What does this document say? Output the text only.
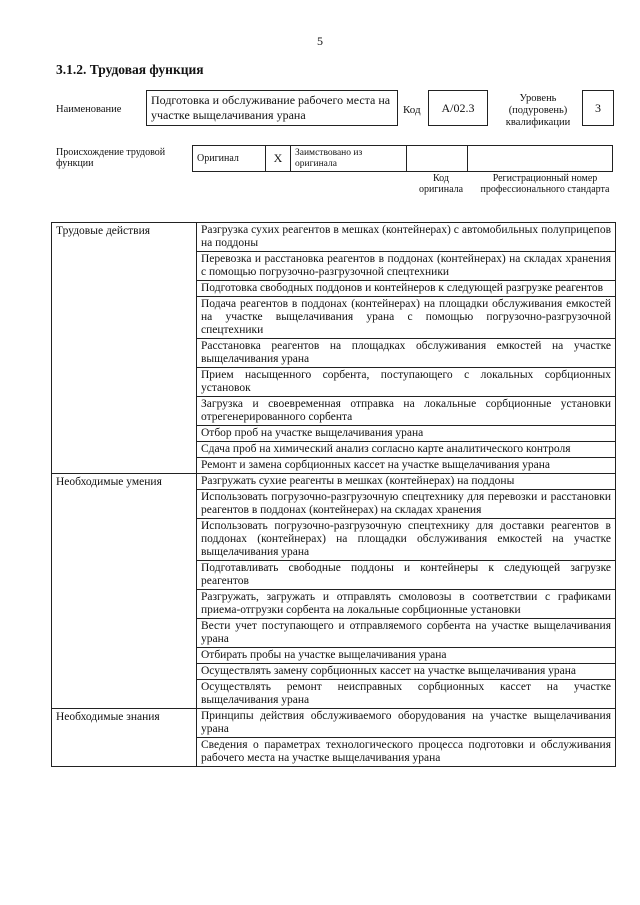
5
3.1.2. Трудовая функция
Наименование
Подготовка и обслуживание рабочего места на участке выщелачивания урана	Код	А/02.3
Уровень (подуровень) квалификации
3
Происхождение трудовой функции	Оригинал	X	Заимствовано из оригинала		
Код оригинала
Регистрационный номер профессионального стандарта
Трудовые действия	Разгрузка сухих реагентов в мешках (контейнерах) с автомобильных полуприцепов на поддоны
	Перевозка и расстановка реагентов в поддонах (контейнерах) на складах хранения с помощью погрузочно-разгрузочной спецтехники
	Подготовка свободных поддонов и контейнеров к следующей разгрузке реагентов
	Подача реагентов в поддонах (контейнерах) на площадки обслуживания емкостей на участке выщелачивания урана с помощью погрузочно-разгрузочной спецтехники
	Расстановка реагентов на площадках обслуживания емкостей на участке выщелачивания урана
	Прием насыщенного сорбента, поступающего с локальных сорбционных установок
	Загрузка и своевременная отправка на локальные сорбционные установки отрегенерированного сорбента
	Отбор проб на участке выщелачивания урана
	Сдача проб на химический анализ согласно карте аналитического контроля
	Ремонт и замена сорбционных кассет на участке выщелачивания урана
Необходимые умения	Разгружать сухие реагенты в мешках (контейнерах) на поддоны
	Использовать погрузочно-разгрузочную спецтехнику для перевозки и расстановки реагентов в поддонах (контейнерах) на складах хранения
	Использовать погрузочно-разгрузочную спецтехнику для доставки реагентов в поддонах (контейнерах) на площадки обслуживания емкостей на участке выщелачивания урана
	Подготавливать свободные поддоны и контейнеры к следующей загрузке реагентов
	Разгружать, загружать и отправлять смоловозы в соответствии с графиками приема-отгрузки сорбента на локальные сорбционные установки
	Вести учет поступающего и отправляемого сорбента на участке выщелачивания урана
	Отбирать пробы на участке выщелачивания урана
	Осуществлять замену сорбционных кассет на участке выщелачивания урана
	Осуществлять ремонт неисправных сорбционных кассет на участке выщелачивания урана
Необходимые знания	Принципы действия обслуживаемого оборудования на участке выщелачивания урана
	Сведения о параметрах технологического процесса подготовки и обслуживания рабочего места на участке выщелачивания урана
